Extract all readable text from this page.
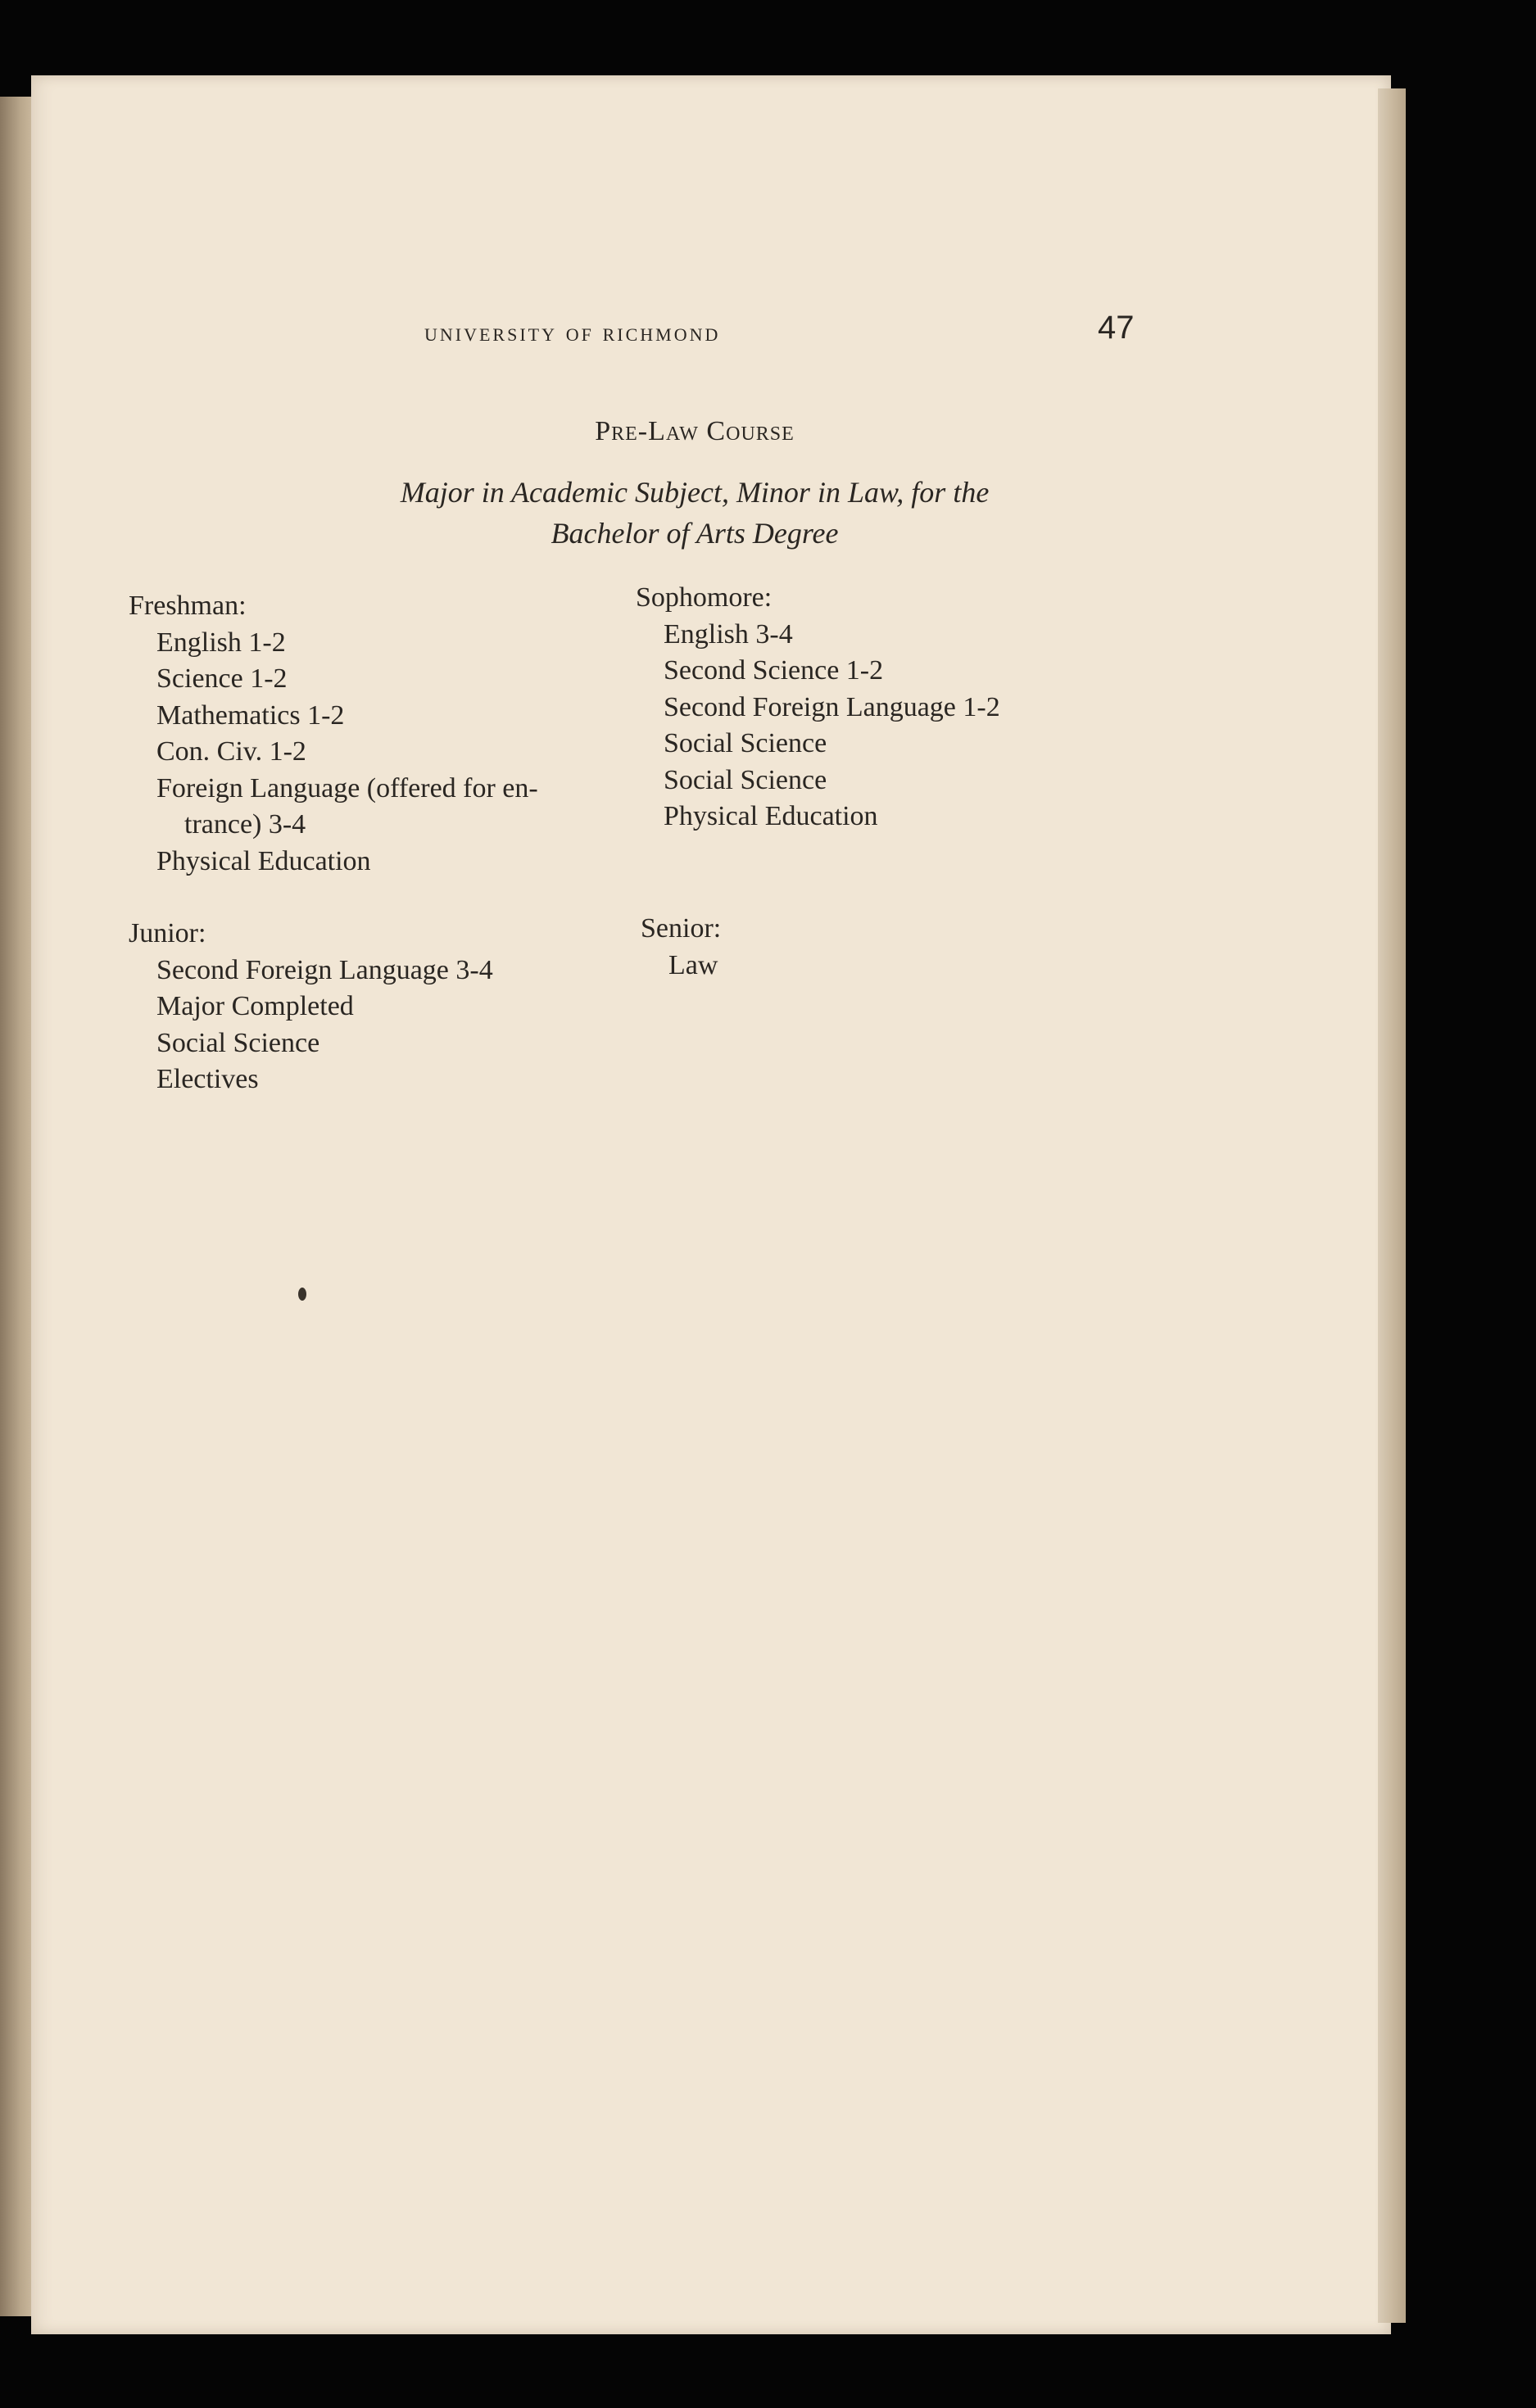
university of richmond	47
Pre-Law Course
Major in Academic Subject, Minor in Law, for the
Bachelor of Arts Degree
Freshman:
English 1-2
Science 1-2
Mathematics 1-2
Con. Civ. 1-2
Foreign Language (offered for en-
trance) 3-4
Physical Education
Sophomore:
English 3-4
Second Science 1-2
Second Foreign Language 1-2
Social Science
Social Science
Physical Education
Junior:
Second Foreign Language 3-4
Major Completed
Social Science
Electives
Senior:
Law
